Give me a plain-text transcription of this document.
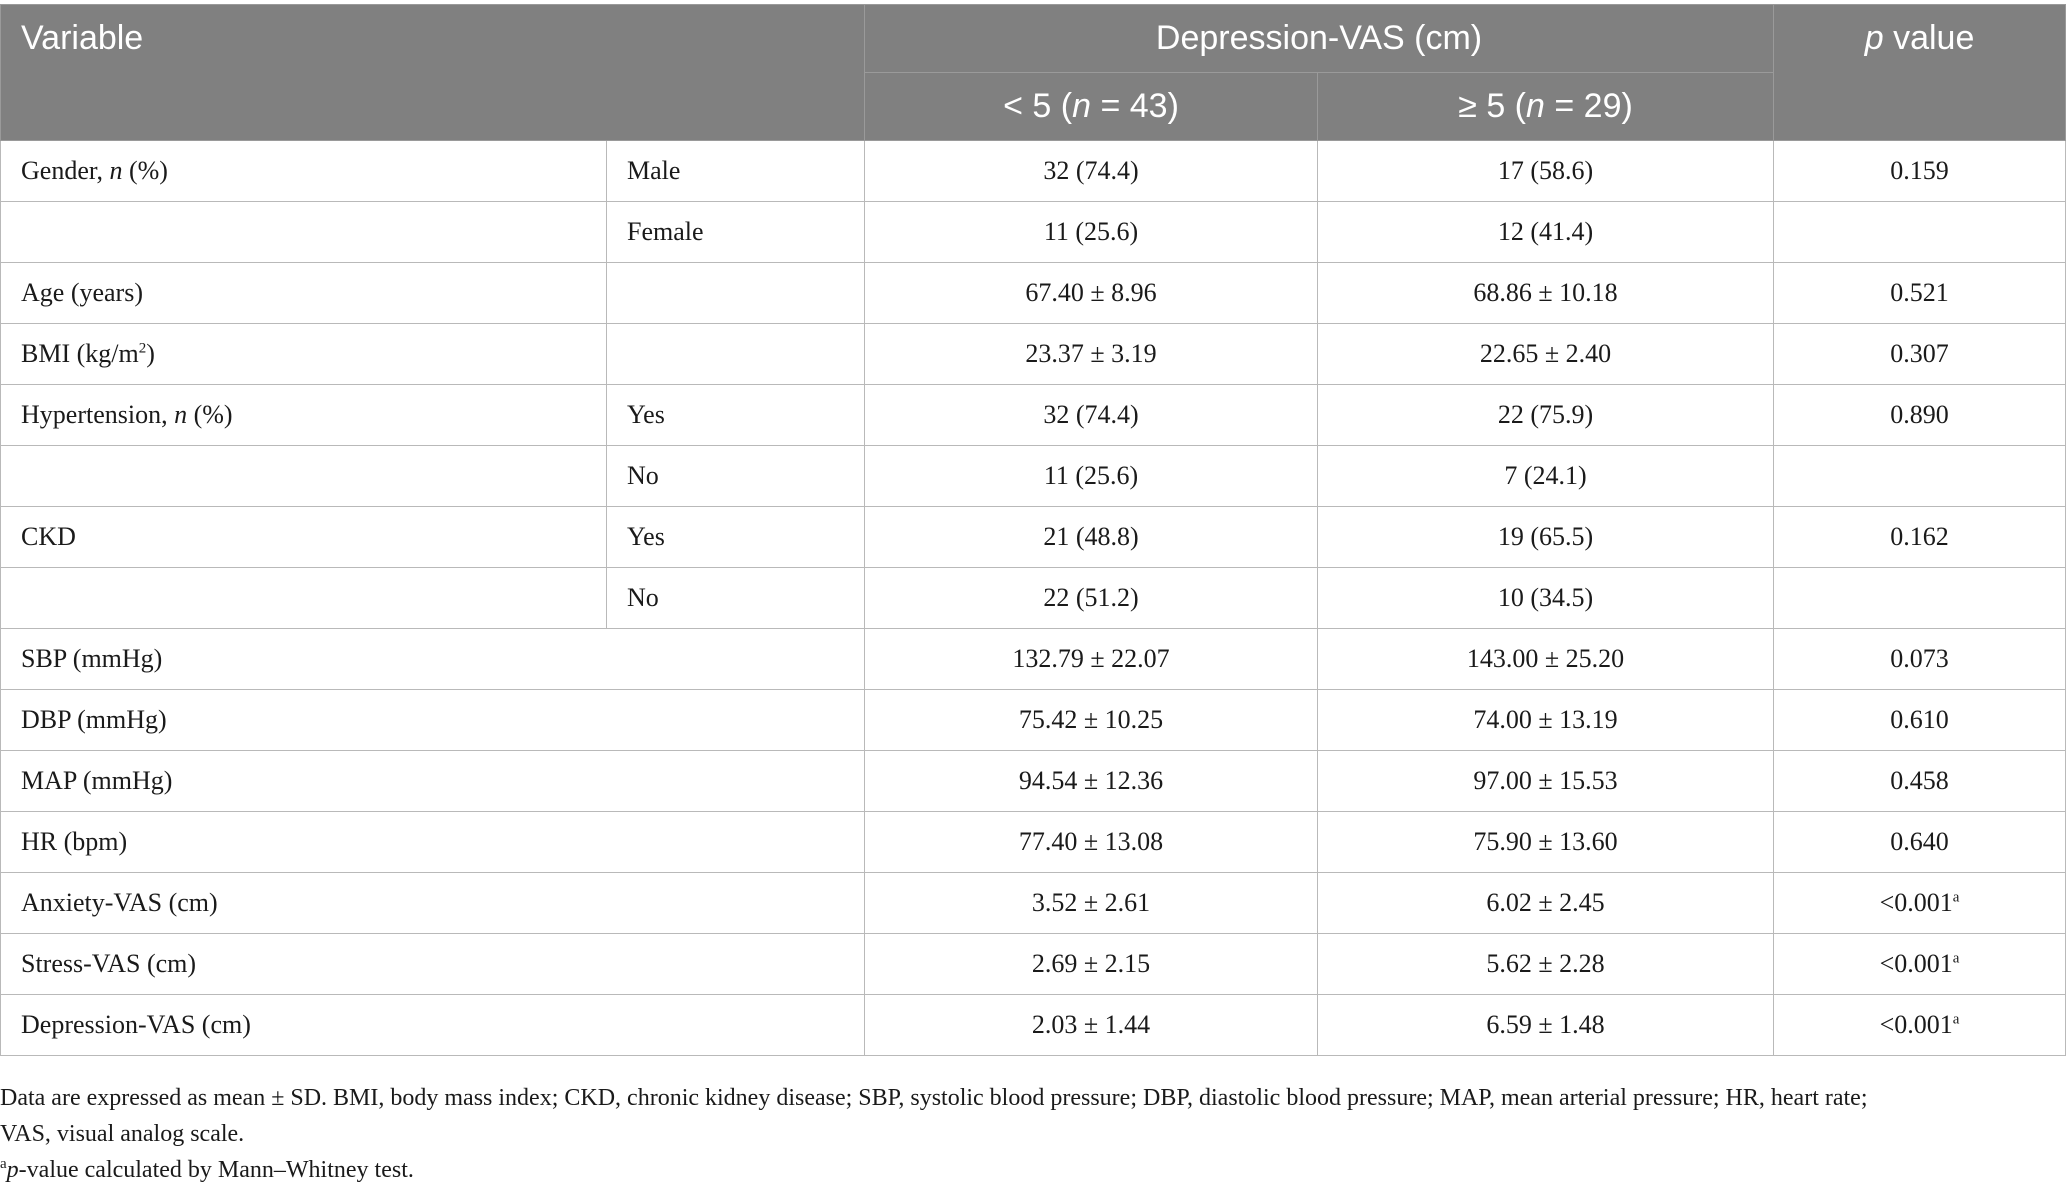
Variable		Depression-VAS (cm)		p value
		< 5 (n = 43)	≥ 5 (n = 29)	
Gender, n (%)	Male	32 (74.4)	17 (58.6)	0.159
	Female	11 (25.6)	12 (41.4)	
Age (years)		67.40 ± 8.96	68.86 ± 10.18	0.521
BMI $(kg/m^2)$		23.37 ± 3.19	22.65 ± 2.40	0.307
Hypertension, n (%)	Yes	32 (74.4)	22 (75.9)	0.890
	No	11 (25.6)	7 (24.1)	
CKD	Yes	21 (48.8)	19 (65.5)	0.162
	No	22 (51.2)	10 (34.5)	
SBP (mmHg)		132.79 ± 22.07	143.00 ± 25.20	0.073
DBP (mmHg)		75.42 ± 10.25	74.00 ± 13.19	0.610
MAP (mmHg)		94.54 ± 12.36	97.00 ± 15.53	0.458
HR (bpm)		77.40 ± 13.08	75.90 ± 13.60	0.640
Anxiety-VAS (cm)		3.52 ± 2.61	6.02 ± 2.45	<0.001$^a$
Stress-VAS (cm)		2.69 ± 2.15	5.62 ± 2.28	<0.001$^a$
Depression-VAS (cm)		2.03 ± 1.44	6.59 ± 1.48	<0.001$^a$

Data are expressed as mean ± SD. BMI, body mass index; CKD, chronic kidney disease; SBP, systolic blood pressure; DBP, diastolic blood pressure; MAP, mean arterial pressure; HR, heart rate;
VAS, visual analog scale.

$^a$p-value calculated by Mann–Whitney test.
